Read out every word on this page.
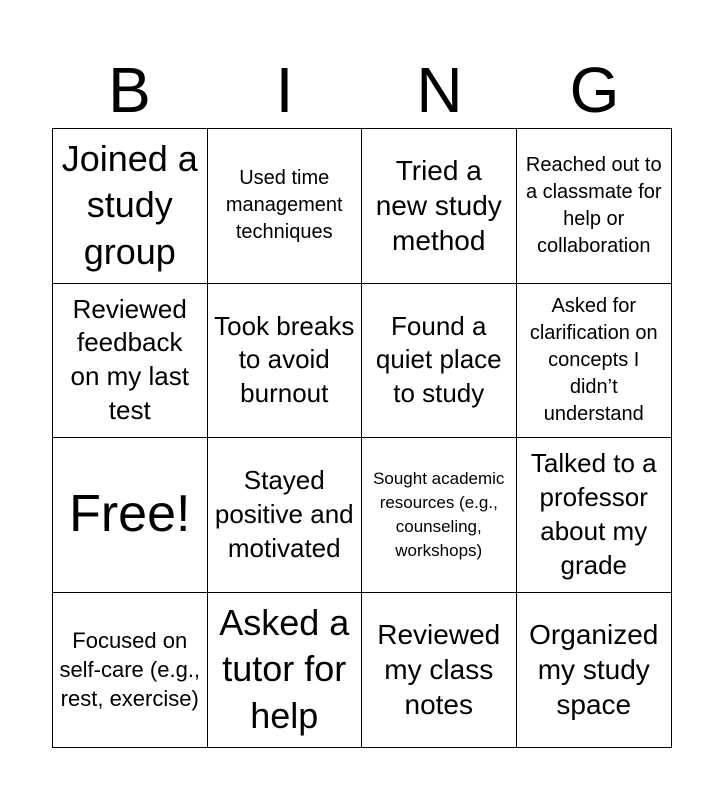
B	I	N	G
Joined a study group
Used time management techniques
Tried a new study method
Reached out to a classmate for help or collaboration
Reviewed feedback on my last test
Took breaks to avoid burnout
Found a quiet place to study
Asked for clarification on concepts I didn’t understand
Free!
Stayed positive and motivated
Sought academic resources (e.g., counseling, workshops)
Talked to a professor about my grade
Focused on self-care (e.g., rest, exercise)
Asked a tutor for help
Reviewed my class notes
Organized my study space
